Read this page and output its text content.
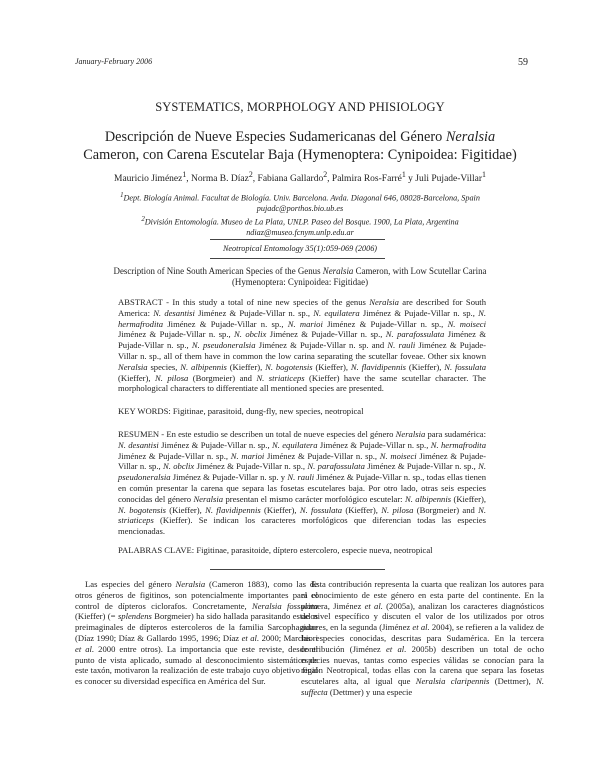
January-February 2006	59
SYSTEMATICS, MORPHOLOGY AND PHISIOLOGY
Descripción de Nueve Especies Sudamericanas del Género Neralsia
Cameron, con Carena Escutelar Baja (Hymenoptera: Cynipoidea: Figitidae)
Mauricio Jiménez$^1$, Norma B. Díaz$^2$, Fabiana Gallardo$^2$, Palmira Ros-Farré$^1$ y Juli Pujade-Villar$^1$
$^1$Dept. Biología Animal. Facultat de Biología. Univ. Barcelona. Avda. Diagonal 646, 08028-Barcelona, Spain
pujadc@porthos.bio.ub.es
$^2$División Entomología. Museo de La Plata, UNLP. Paseo del Bosque. 1900, La Plata, Argentina
ndiaz@museo.fcnym.unlp.edu.ar
Neotropical Entomology 35(1):059-069 (2006)
Description of Nine South American Species of the Genus Neralsia Cameron, with Low Scutellar Carina
(Hymenoptera: Cynipoidea: Figitidae)
ABSTRACT - In this study a total of nine new species of the genus Neralsia are described for South America: N. desantisi Jiménez & Pujade-Villar n. sp., N. equilatera Jiménez & Pujade-Villar n. sp., N. hermafrodita Jiménez & Pujade-Villar n. sp., N. marioi Jiménez & Pujade-Villar n. sp., N. moiseci Jiménez & Pujade-Villar n. sp., N. obclix Jiménez & Pujade-Villar n. sp., N. parafossulata Jiménez & Pujade-Villar n. sp., N. pseudoneralsia Jiménez & Pujade-Villar n. sp. and N. rauli Jiménez & Pujade-Villar n. sp., all of them have in common the low carina separating the scutellar foveae. Other six known Neralsia species, N. albipennis (Kieffer), N. bogotensis (Kieffer), N. flavidipennis (Kieffer), N. fossulata (Kieffer), N. pilosa (Borgmeier) and N. striaticeps (Kieffer) have the same scutellar character. The morphological characters to differentiate all mentioned species are presented.
KEY WORDS: Figitinae, parasitoid, dung-fly, new species, neotropical
RESUMEN - En este estudio se describen un total de nueve especies del género Neralsia para sudamérica: N. desantisi Jiménez & Pujade-Villar n. sp., N. equilatera Jiménez & Pujade-Villar n. sp., N. hermafrodita Jiménez & Pujade-Villar n. sp., N. marioi Jiménez & Pujade-Villar n. sp., N. moiseci Jiménez & Pujade-Villar n. sp., N. obclix Jiménez & Pujade-Villar n. sp., N. parafossulata Jiménez & Pujade-Villar n. sp., N. pseudoneralsia Jiménez & Pujade-Villar n. sp. y N. rauli Jiménez & Pujade-Villar n. sp., todas ellas tienen en común presentar la carena que separa las fosetas escutelares baja. Por otro lado, otras seis especies conocidas del género Neralsia presentan el mismo carácter morfológico escutelar: N. albipennis (Kieffer), N. bogotensis (Kieffer), N. flavidipennis (Kieffer), N. fossulata (Kieffer), N. pilosa (Borgmeier) and N. striaticeps (Kieffer). Se indican los caracteres morfológicos que diferencian todas las especies mencionadas.
PALABRAS CLAVE: Figitinae, parasitoide, díptero estercolero, especie nueva, neotropical

Las especies del género Neralsia (Cameron 1883), como las de otros géneros de figitinos, son potencialmente importantes para el control de dípteros ciclorafos. Concretamente, Neralsia fossulata (Kieffer) (= splendens Borgmeier) ha sido hallada parasitando estados preimaginales de dípteros estercoleros de la familia Sarcophagidae (Díaz 1990; Díaz & Gallardo 1995, 1996; Díaz et al. 2000; Marchiori et al. 2000 entre otros). La importancia que este reviste, desde el punto de vista aplicado, sumado al desconocimiento sistemático de este taxón, motivaron la realización de este trabajo cuyo objetivo final es conocer su diversidad específica en América del Sur.

Esta contribución representa la cuarta que realizan los autores para el conocimiento de este género en esta parte del continente. En la primera, Jiménez et al. (2005a), analizan los caracteres diagnósticos de nivel específico y discuten el valor de los utilizados por otros autores, en la segunda (Jiménez et al. 2004), se refieren a la validez de las especies conocidas, descritas para Sudamérica. En la tercera contribución (Jiménez et al. 2005b) describen un total de ocho especies nuevas, tantas como especies válidas se conocían para la región Neotropical, todas ellas con la carena que separa las fosetas escutelares alta, al igual que Neralsia claripennis (Dettmer), N. suffecta (Dettmer) y una especie
